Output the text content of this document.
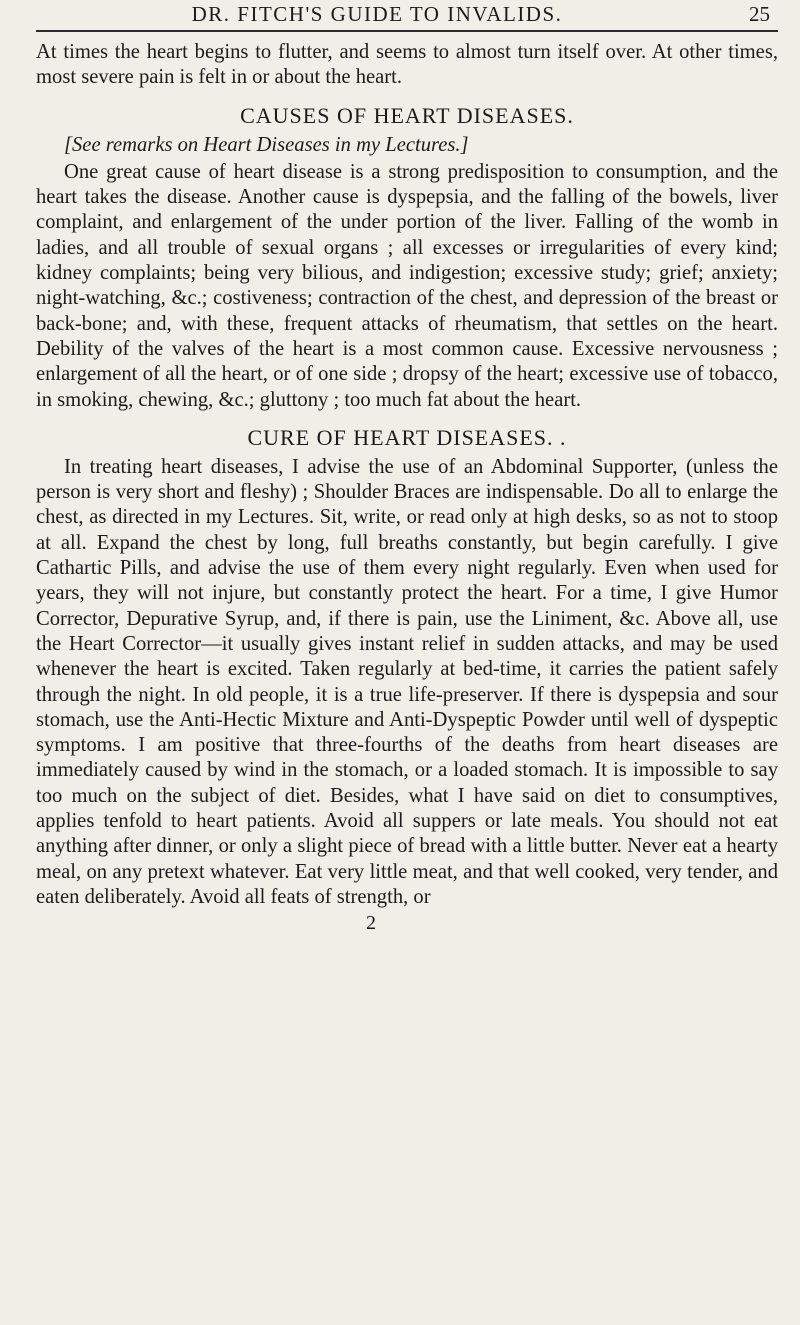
DR. FITCH'S GUIDE TO INVALIDS.	25

At times the heart begins to flutter, and seems to almost turn itself over. At other times, most severe pain is felt in or about the heart.

CAUSES OF HEART DISEASES.

[See remarks on Heart Diseases in my Lectures.]

One great cause of heart disease is a strong predisposition to consumption, and the heart takes the disease. Another cause is dyspepsia, and the falling of the bowels, liver complaint, and enlargement of the under portion of the liver. Falling of the womb in ladies, and all trouble of sexual organs ; all excesses or irregularities of every kind; kidney complaints; being very bilious, and indigestion; excessive study; grief; anxiety; night-watching, &c.; costiveness; contraction of the chest, and depression of the breast or back-bone; and, with these, frequent attacks of rheumatism, that settles on the heart. Debility of the valves of the heart is a most common cause. Excessive nervousness ; enlargement of all the heart, or of one side ; dropsy of the heart; excessive use of tobacco, in smoking, chewing, &c.; gluttony ; too much fat about the heart.

CURE OF HEART DISEASES. .

In treating heart diseases, I advise the use of an Abdominal Supporter, (unless the person is very short and fleshy) ; Shoulder Braces are indispensable. Do all to enlarge the chest, as directed in my Lectures. Sit, write, or read only at high desks, so as not to stoop at all. Expand the chest by long, full breaths constantly, but begin carefully. I give Cathartic Pills, and advise the use of them every night regularly. Even when used for years, they will not injure, but constantly protect the heart. For a time, I give Humor Corrector, Depurative Syrup, and, if there is pain, use the Liniment, &c. Above all, use the Heart Corrector—it usually gives instant relief in sudden attacks, and may be used whenever the heart is excited. Taken regularly at bed-time, it carries the patient safely through the night. In old people, it is a true life-preserver. If there is dyspepsia and sour stomach, use the Anti-Hectic Mixture and Anti-Dyspeptic Powder until well of dyspeptic symptoms. I am positive that three-fourths of the deaths from heart diseases are immediately caused by wind in the stomach, or a loaded stomach. It is impossible to say too much on the subject of diet. Besides, what I have said on diet to consumptives, applies tenfold to heart patients. Avoid all suppers or late meals. You should not eat anything after dinner, or only a slight piece of bread with a little butter. Never eat a hearty meal, on any pretext whatever. Eat very little meat, and that well cooked, very tender, and eaten deliberately. Avoid all feats of strength, or

2
